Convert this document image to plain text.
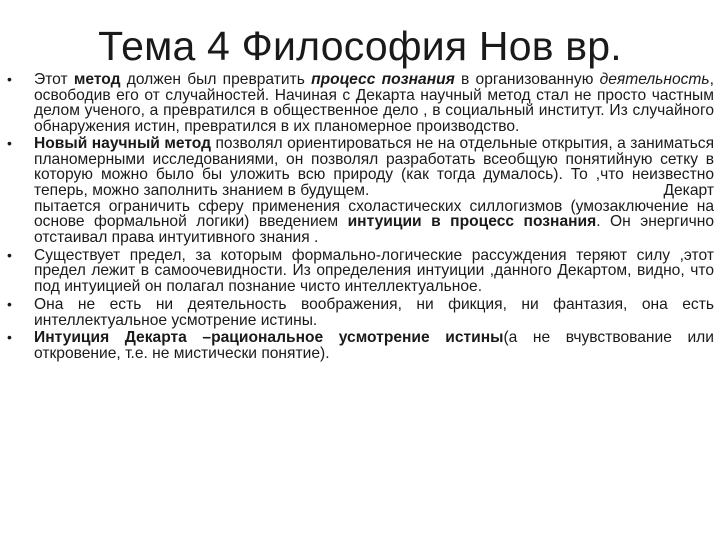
Тема 4 Философия Нов вр.
• Этот метод должен был превратить процесс познания в организованную деятельность, освободив его от случайностей. Начиная с Декарта научный метод стал не просто частным делом ученого, а превратился в общественное дело , в социальный институт. Из случайного обнаружения истин, превратился в их планомерное производство.
• Новый научный метод позволял ориентироваться не на отдельные открытия, а заниматься планомерными исследованиями, он позволял разработать всеобщую понятийную сетку в которую можно было бы уложить всю природу (как тогда думалось). То ,что неизвестно теперь, можно заполнить знанием в будущем.	Декарт

пытается ограничить сферу применения схоластических силлогизмов (умозаключение на основе формальной логики) введением интуиции в процесс познания. Он энергично отстаивал права интуитивного знания .
• Существует предел, за которым формально-логические рассуждения теряют силу ,этот предел лежит в самоочевидности. Из определения интуиции ,данного Декартом, видно, что под интуицией он полагал познание чисто интеллектуальное.
• Она не есть ни деятельность воображения, ни фикция, ни фантазия, она есть интеллектуальное усмотрение истины.
• Интуиция Декарта –рациональное усмотрение истины(а не вчувствование или откровение, т.е. не мистически понятие).
